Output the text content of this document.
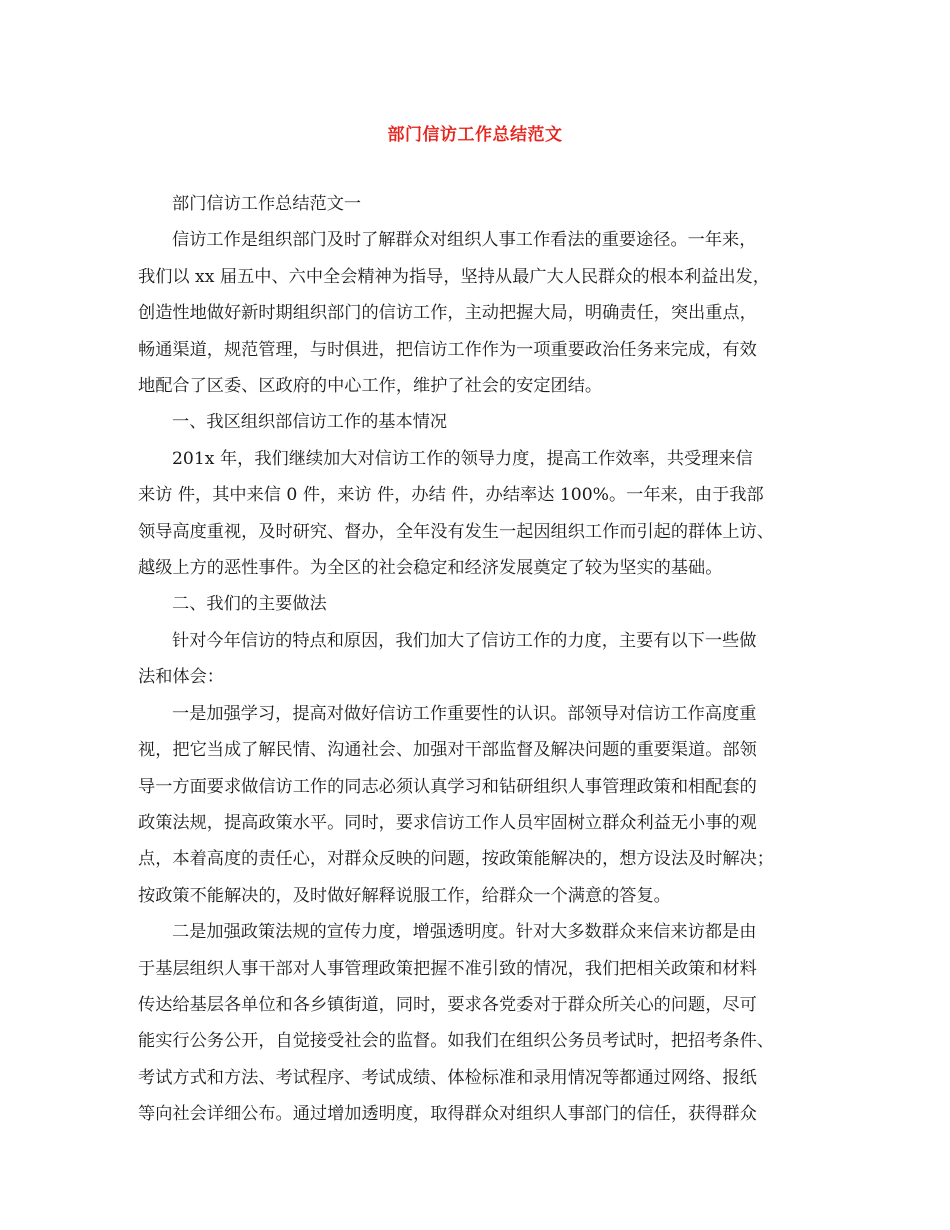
部门信访工作总结范文

部门信访工作总结范文一

信访工作是组织部门及时了解群众对组织人事工作看法的重要途径。一年来，
我们以 xx 届五中、六中全会精神为指导，坚持从最广大人民群众的根本利益出发，
创造性地做好新时期组织部门的信访工作，主动把握大局，明确责任，突出重点，
畅通渠道，规范管理，与时俱进，把信访工作作为一项重要政治任务来完成，有效
地配合了区委、区政府的中心工作，维护了社会的安定团结。

一、我区组织部信访工作的基本情况

201x 年，我们继续加大对信访工作的领导力度，提高工作效率，共受理来信
来访 件，其中来信 0 件，来访 件，办结 件，办结率达 100%。一年来，由于我部
领导高度重视，及时研究、督办，全年没有发生一起因组织工作而引起的群体上访、
越级上方的恶性事件。为全区的社会稳定和经济发展奠定了较为坚实的基础。

二、我们的主要做法

针对今年信访的特点和原因，我们加大了信访工作的力度，主要有以下一些做
法和体会：

一是加强学习，提高对做好信访工作重要性的认识。部领导对信访工作高度重
视，把它当成了解民情、沟通社会、加强对干部监督及解决问题的重要渠道。部领
导一方面要求做信访工作的同志必须认真学习和钻研组织人事管理政策和相配套的
政策法规，提高政策水平。同时，要求信访工作人员牢固树立群众利益无小事的观
点，本着高度的责任心，对群众反映的问题，按政策能解决的，想方设法及时解决；
按政策不能解决的，及时做好解释说服工作，给群众一个满意的答复。

二是加强政策法规的宣传力度，增强透明度。针对大多数群众来信来访都是由
于基层组织人事干部对人事管理政策把握不准引致的情况，我们把相关政策和材料
传达给基层各单位和各乡镇街道，同时，要求各党委对于群众所关心的问题，尽可
能实行公务公开，自觉接受社会的监督。如我们在组织公务员考试时，把招考条件、
考试方式和方法、考试程序、考试成绩、体检标准和录用情况等都通过网络、报纸
等向社会详细公布。通过增加透明度，取得群众对组织人事部门的信任，获得群众
